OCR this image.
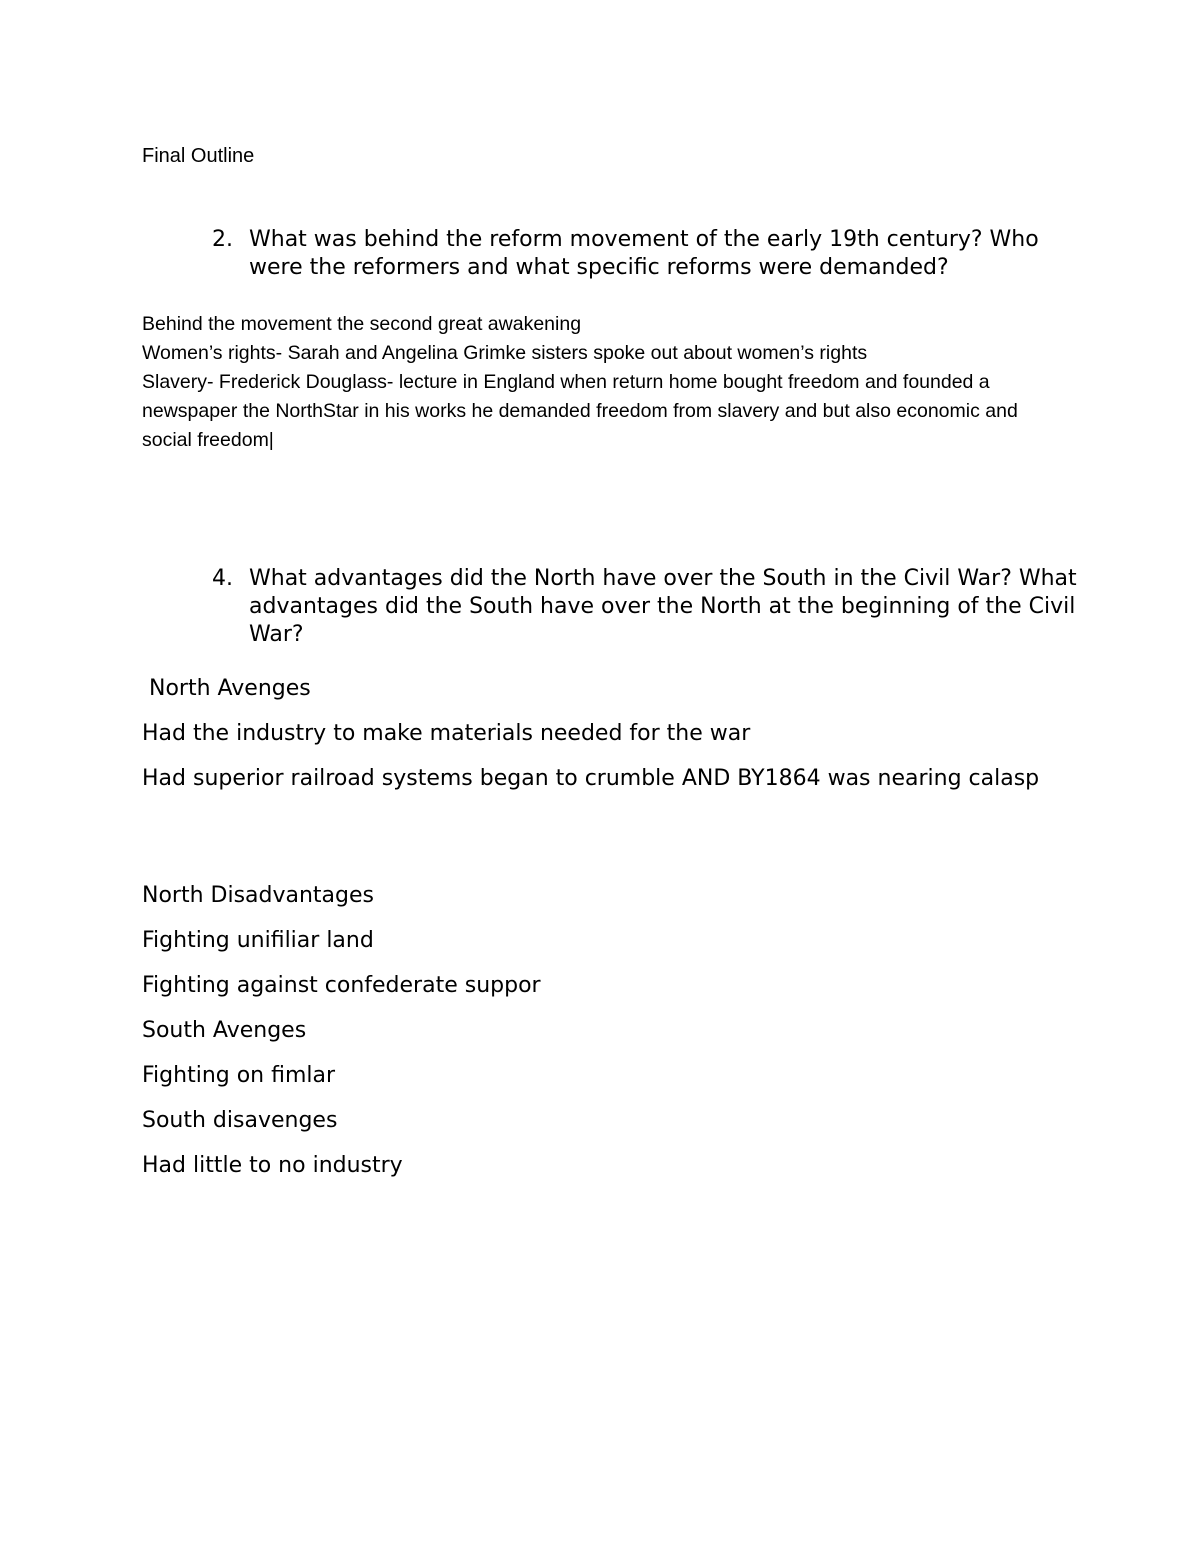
Final Outline
2. What was behind the reform movement of the early 19th century? Who were the reformers and what specific reforms were demanded?
Behind the movement the second great awakening
Women’s rights- Sarah and Angelina Grimke sisters spoke out about women’s rights
Slavery- Frederick Douglass- lecture in England when return home bought freedom and founded a newspaper the NorthStar in his works he demanded freedom from slavery and but also economic and social freedom|
4. What advantages did the North have over the South in the Civil War? What advantages did the South have over the North at the beginning of the Civil War?
North Avenges
Had the industry to make materials needed for the war
Had superior railroad systems began to crumble AND BY1864 was nearing calasp
North Disadvantages
Fighting unifiliar land
Fighting against confederate suppor
South Avenges
Fighting on fimlar
South disavenges
Had little to no industry
